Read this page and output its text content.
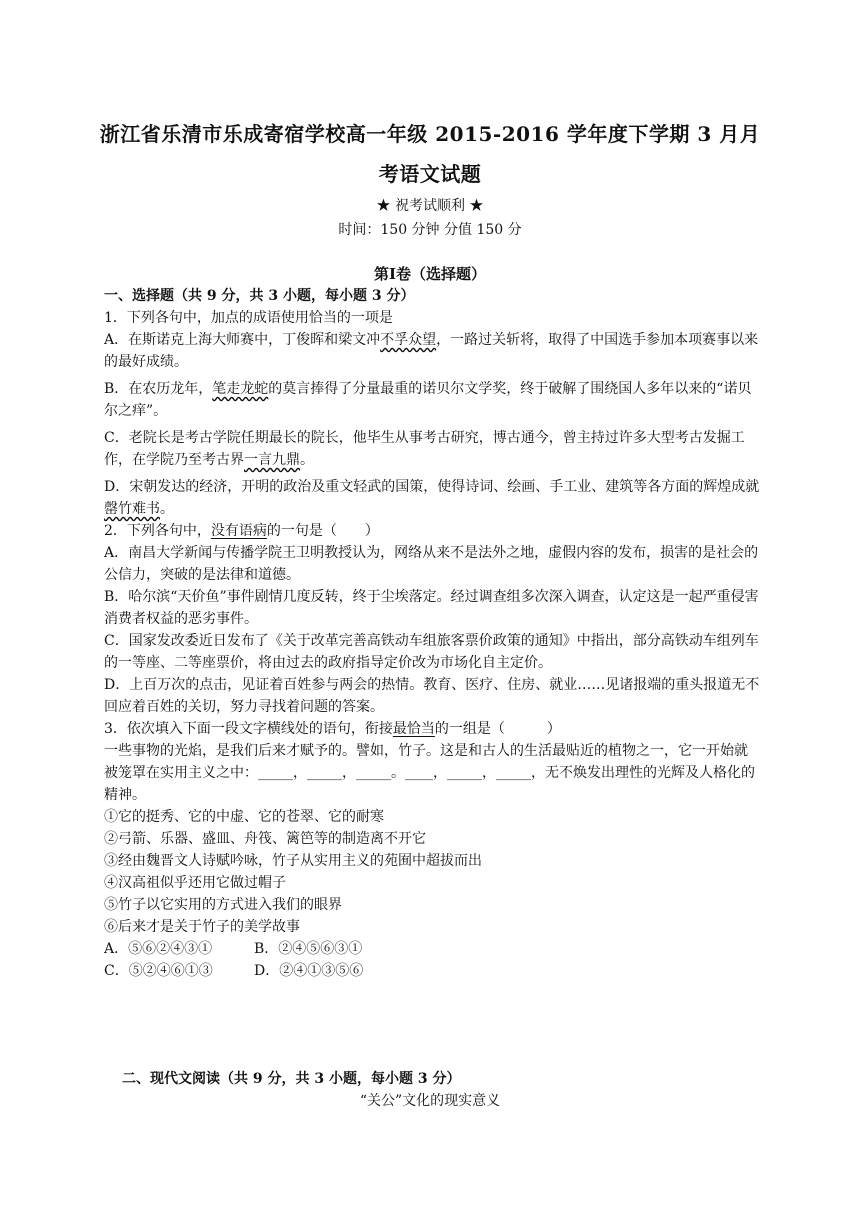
浙江省乐清市乐成寄宿学校高一年级 2015-2016 学年度下学期 3 月月
考语文试题
★ 祝考试顺利 ★
时间：150 分钟 分值 150 分
第Ⅰ卷（选择题）

一、选择题（共 9 分，共 3 小题，每小题 3 分）

1．下列各句中，加点的成语使用恰当的一项是

A．在斯诺克上海大师赛中，丁俊晖和梁文冲不孚众望，一路过关斩将，取得了中国选手参加本项赛事以来的最好成绩。

B．在农历龙年，笔走龙蛇的莫言捧得了分量最重的诺贝尔文学奖，终于破解了围绕国人多年以来的“诺贝尔之痒”。

C．老院长是考古学院任期最长的院长，他毕生从事考古研究，博古通今，曾主持过许多大型考古发掘工作，在学院乃至考古界一言九鼎。

D．宋朝发达的经济，开明的政治及重文轻武的国策，使得诗词、绘画、手工业、建筑等各方面的辉煌成就罄竹难书。

2．下列各句中，没有语病的一句是（　　）

A．南昌大学新闻与传播学院王卫明教授认为，网络从来不是法外之地，虚假内容的发布，损害的是社会的公信力，突破的是法律和道德。

B．哈尔滨“天价鱼”事件剧情几度反转，终于尘埃落定。经过调查组多次深入调查，认定这是一起严重侵害消费者权益的恶劣事件。

C．国家发改委近日发布了《关于改革完善高铁动车组旅客票价政策的通知》中指出，部分高铁动车组列车的一等座、二等座票价，将由过去的政府指导定价改为市场化自主定价。

D．上百万次的点击，见证着百姓参与两会的热情。教育、医疗、住房、就业……见诸报端的重头报道无不回应着百姓的关切，努力寻找着问题的答案。

3．依次填入下面一段文字横线处的语句，衔接最恰当的一组是（　　　）

一些事物的光焰，是我们后来才赋予的。譬如，竹子。这是和古人的生活最贴近的植物之一，它一开始就被笼罩在实用主义之中：_____，_____，_____。____，_____，_____，无不焕发出理性的光辉及人格化的精神。

①它的挺秀、它的中虚、它的苍翠、它的耐寒

②弓箭、乐器、盛皿、舟筏、篱笆等的制造离不开它

③经由魏晋文人诗赋吟咏，竹子从实用主义的苑囿中超拔而出

④汉高祖似乎还用它做过帽子

⑤竹子以它实用的方式进入我们的眼界

⑥后来才是关于竹子的美学故事

A．⑤⑥②④③①	B．②④⑤⑥③①

C．⑤②④⑥①③	D．②④①③⑤⑥

二、现代文阅读（共 9 分，共 3 小题，每小题 3 分）
“关公”文化的现实意义
